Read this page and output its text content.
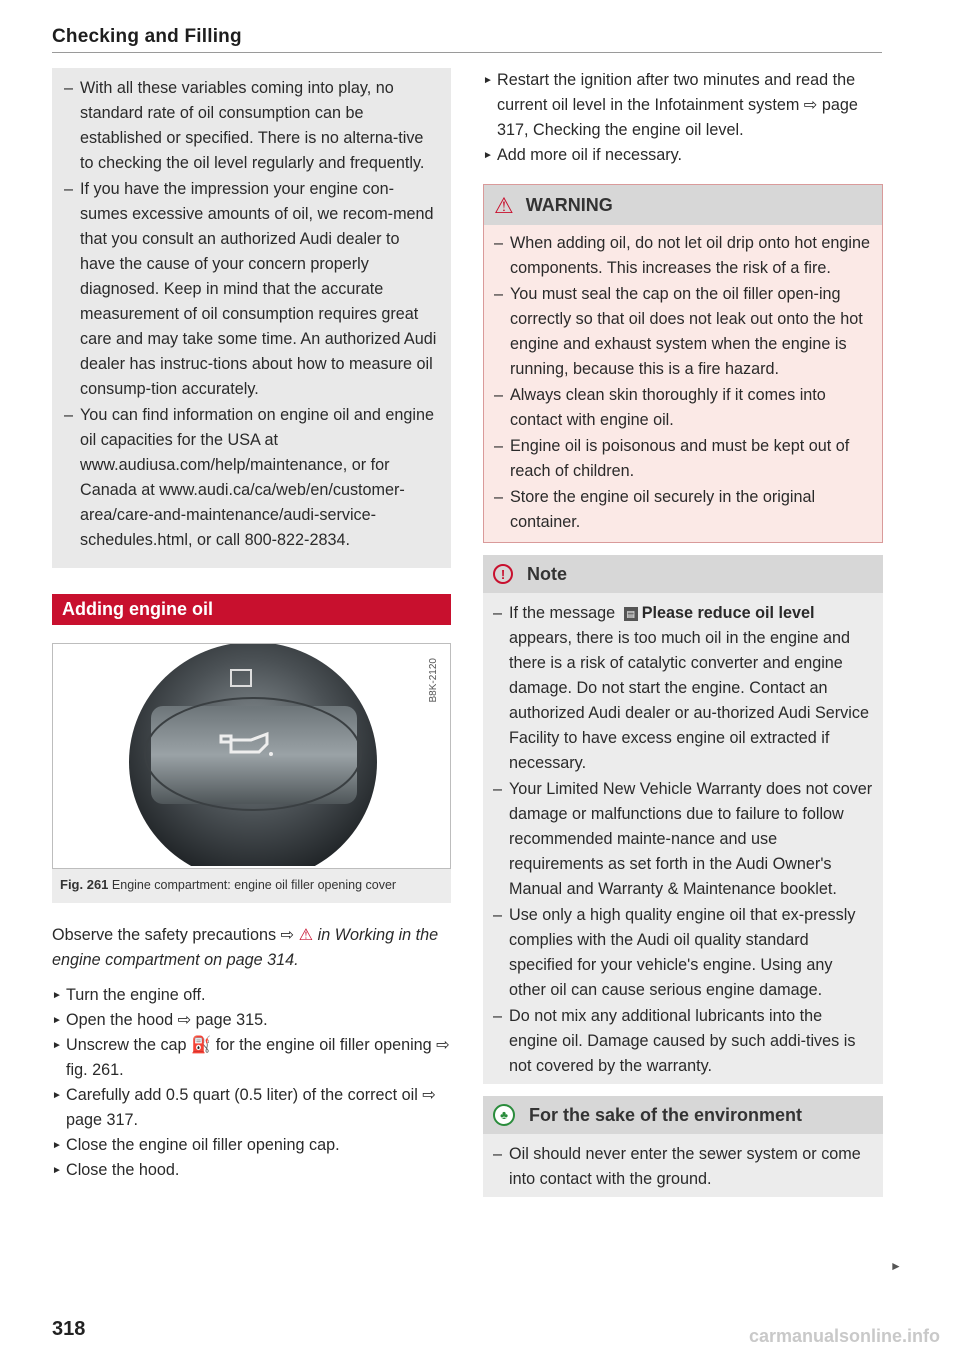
Checking and Filling
– With all these variables coming into play, no standard rate of oil consumption can be established or specified. There is no alterna-tive to checking the oil level regularly and frequently.
– If you have the impression your engine con-sumes excessive amounts of oil, we recom-mend that you consult an authorized Audi dealer to have the cause of your concern properly diagnosed. Keep in mind that the accurate measurement of oil consumption requires great care and may take some time. An authorized Audi dealer has instruc-tions about how to measure oil consump-tion accurately.
– You can find information on engine oil and engine oil capacities for the USA at www.audiusa.com/help/maintenance, or for Canada at www.audi.ca/ca/web/en/customer-area/care-and-maintenance/audi-service-schedules.html, or call 800-822-2834.
Adding engine oil
B8K-2120
Fig. 261 Engine compartment: engine oil filler opening cover

Observe the safety precautions ⇨ ⚠ in Working in the engine compartment on page 314.

► Turn the engine off.
► Open the hood ⇨ page 315.
► Unscrew the cap ⛽ for the engine oil filler opening ⇨ fig. 261.
► Carefully add 0.5 quart (0.5 liter) of the correct oil ⇨ page 317.
► Close the engine oil filler opening cap.
► Close the hood.
► Restart the ignition after two minutes and read the current oil level in the Infotainment system ⇨ page 317, Checking the engine oil level.
► Add more oil if necessary.
⚠ WARNING
– When adding oil, do not let oil drip onto hot engine components. This increases the risk of a fire.
– You must seal the cap on the oil filler open-ing correctly so that oil does not leak out onto the hot engine and exhaust system when the engine is running, because this is a fire hazard.
– Always clean skin thoroughly if it comes into contact with engine oil.
– Engine oil is poisonous and must be kept out of reach of children.
– Store the engine oil securely in the original container.
!	Note
– If the message ▤ Please reduce oil level appears, there is too much oil in the engine and there is a risk of catalytic converter and engine damage. Do not start the engine. Contact an authorized Audi dealer or au-thorized Audi Service Facility to have excess engine oil extracted if necessary.
– Your Limited New Vehicle Warranty does not cover damage or malfunctions due to failure to follow recommended mainte-nance and use requirements as set forth in the Audi Owner's Manual and Warranty & Maintenance booklet.
– Use only a high quality engine oil that ex-pressly complies with the Audi oil quality standard specified for your vehicle's engine. Using any other oil can cause serious engine damage.
– Do not mix any additional lubricants into the engine oil. Damage caused by such addi-tives is not covered by the warranty.
♣	For the sake of the environment
– Oil should never enter the sewer system or come into contact with the ground.
►
318	carmanualsonline.info
